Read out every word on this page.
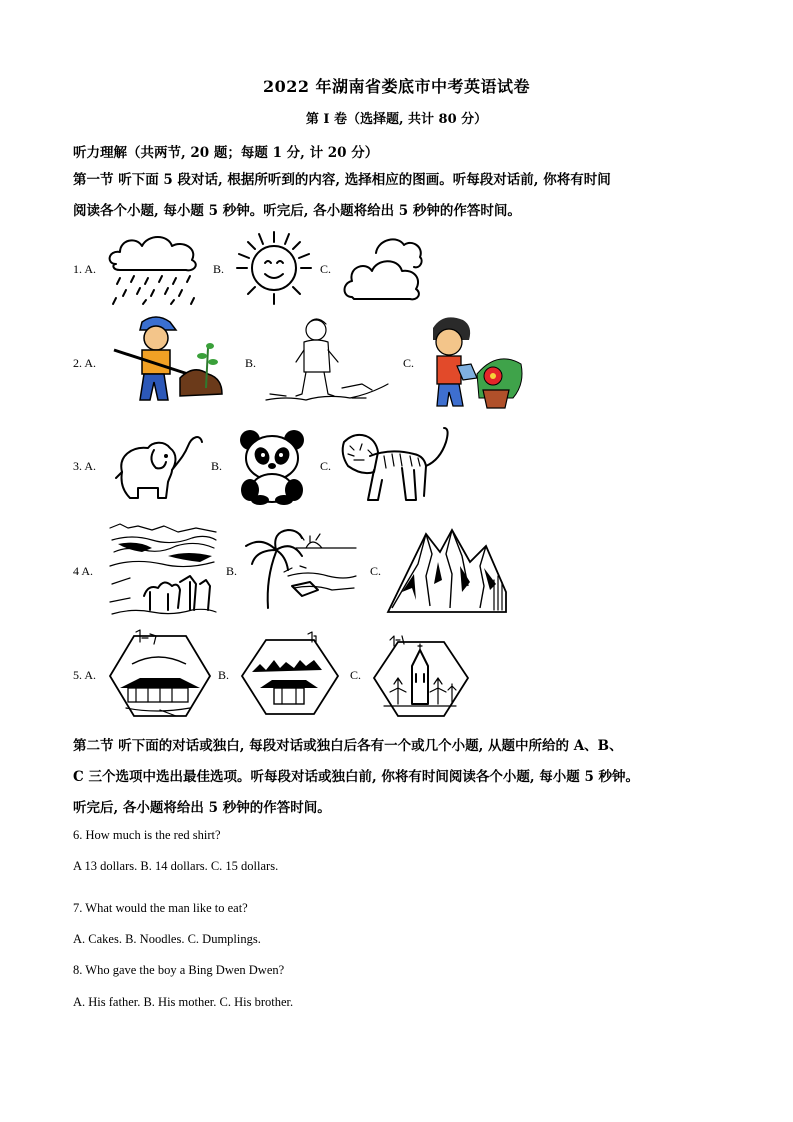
2022 年湖南省娄底市中考英语试卷
第 I 卷（选择题, 共计 80 分）
听力理解（共两节, 20 题；每题 1 分, 计 20 分）
第一节 听下面 5 段对话, 根据所听到的内容, 选择相应的图画。听每段对话前, 你将有时间
阅读各个小题, 每小题 5 秒钟。听完后, 各小题将给出 5 秒钟的作答时间。
1. A.	B.	C.
2. A.	B.	C.
3. A.	B.	C.
4 A.	B.	C.
5. A.	B.	C.
第二节 听下面的对话或独白, 每段对话或独白后各有一个或几个小题, 从题中所给的 A、B、
C 三个选项中选出最佳选项。听每段对话或独白前, 你将有时间阅读各个小题, 每小题 5 秒钟。
听完后, 各小题将给出 5 秒钟的作答时间。
6. How much is the red shirt?
A 13 dollars. B. 14 dollars. C. 15 dollars.
7. What would the man like to eat?
A. Cakes. B. Noodles. C. Dumplings.
8. Who gave the boy a Bing Dwen Dwen?
A. His father. B. His mother. C. His brother.
